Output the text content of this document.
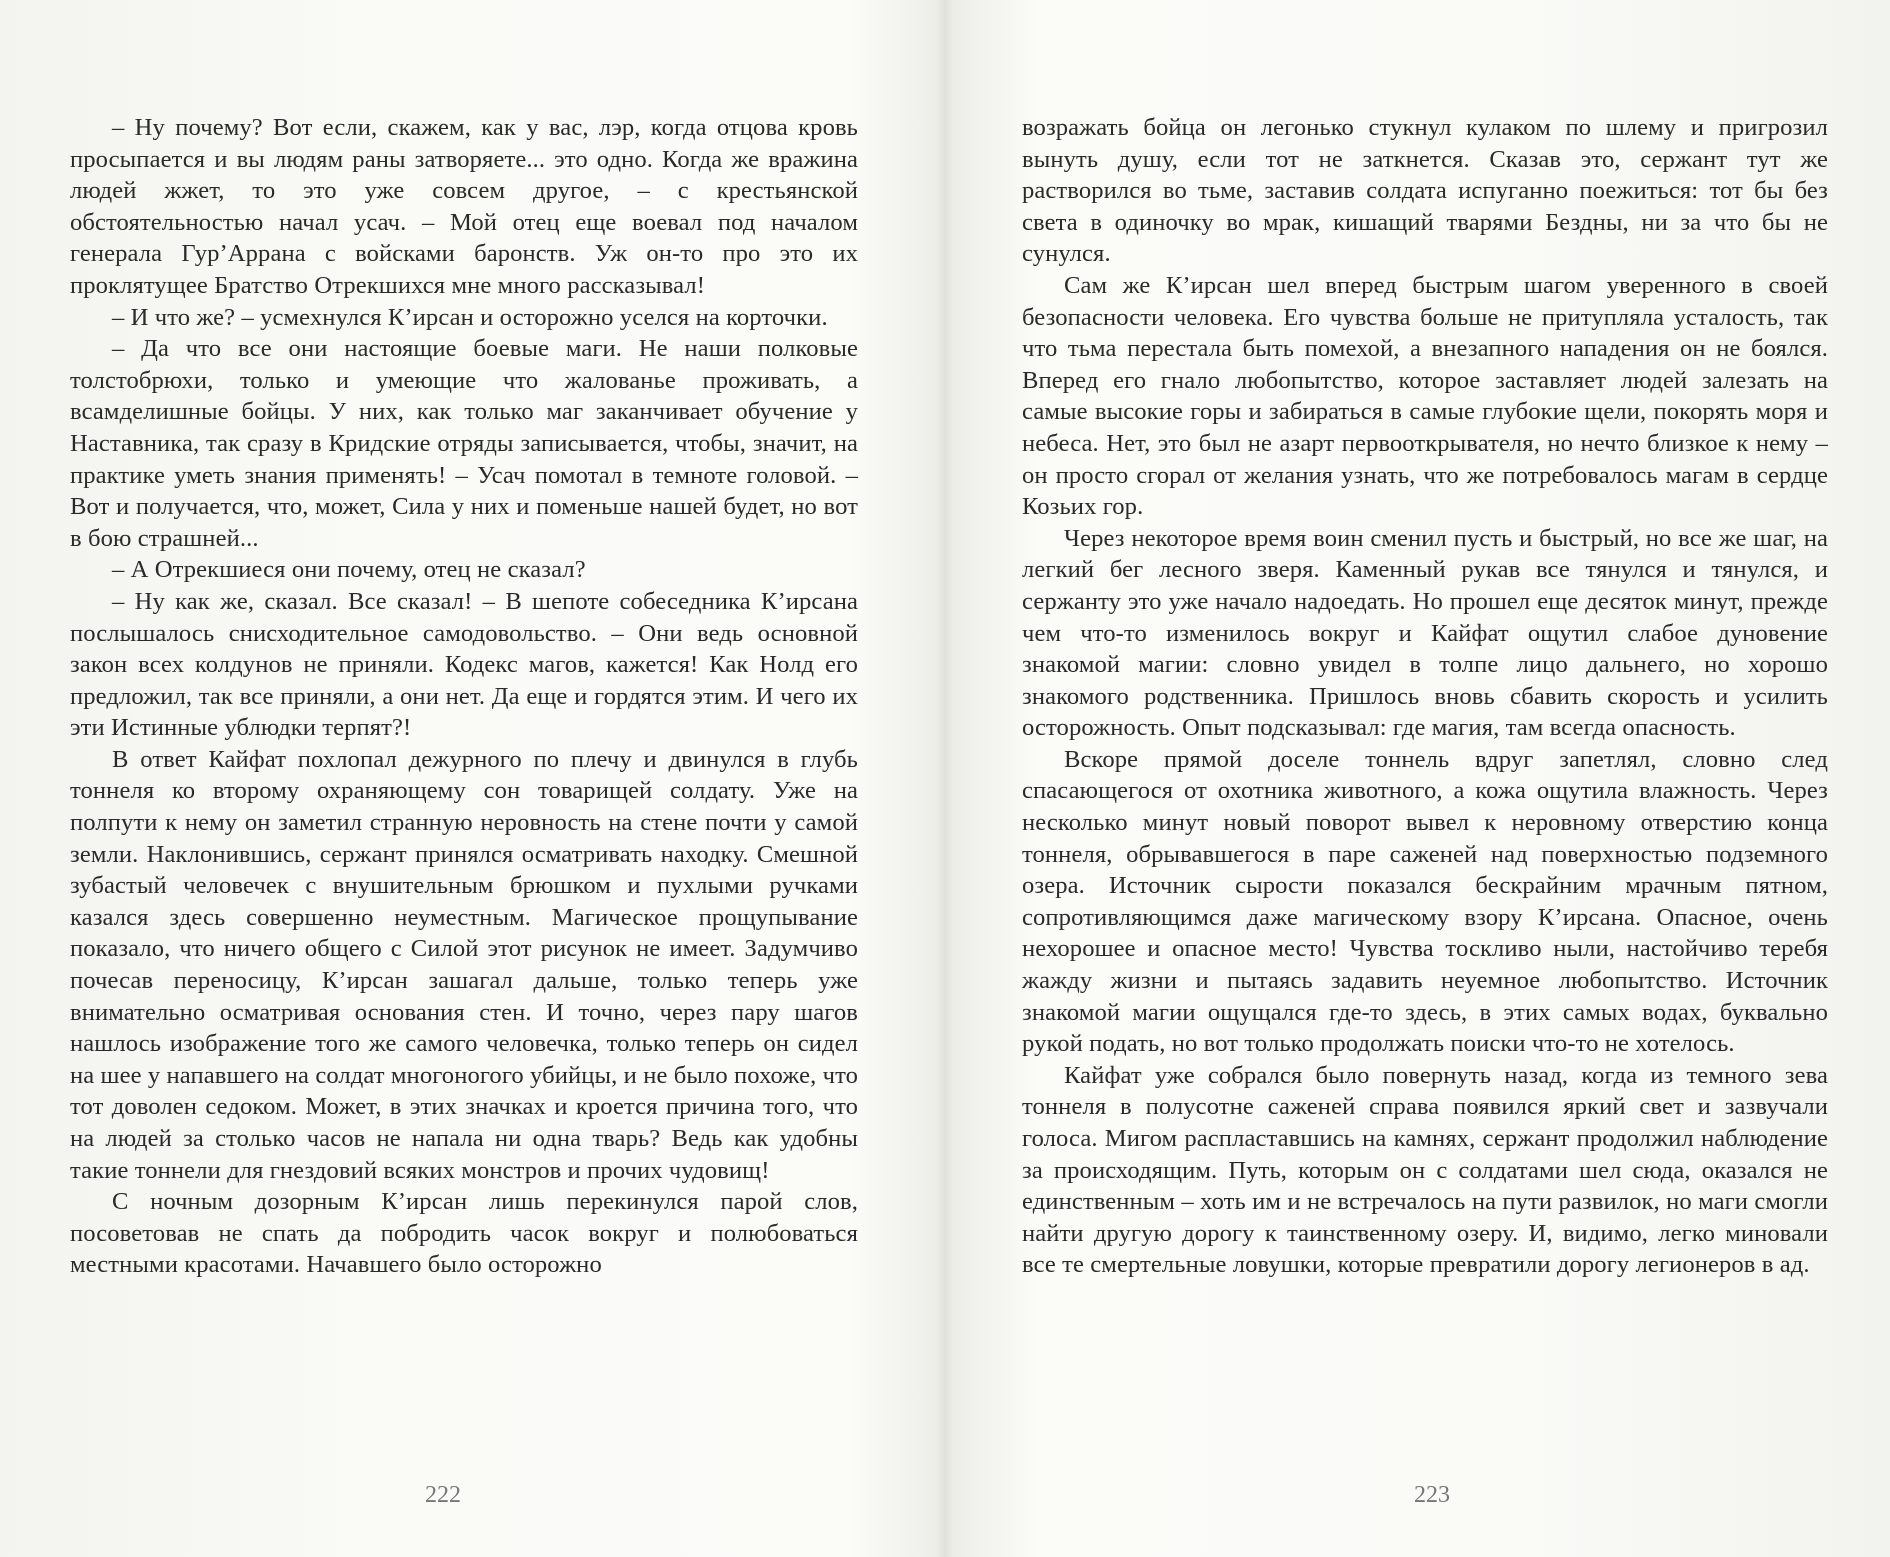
– Ну почему? Вот если, скажем, как у вас, лэр, когда отцова кровь просыпается и вы людям раны затворяете... это одно. Когда же вражина людей жжет, то это уже совсем другое, – с крестьянской обстоятельностью начал усач. – Мой отец еще воевал под началом генерала Гур’Аррана с войсками баронств. Уж он-то про это их проклятущее Братство Отрекшихся мне много рассказывал!

– И что же? – усмехнулся К’ирсан и осторожно уселся на корточки.

– Да что все они настоящие боевые маги. Не наши полковые толстобрюхи, только и умеющие что жалованье проживать, а всамделишные бойцы. У них, как только маг заканчивает обучение у Наставника, так сразу в Кридские отряды записывается, чтобы, значит, на практике уметь знания применять! – Усач помотал в темноте головой. – Вот и получается, что, может, Сила у них и поменьше нашей будет, но вот в бою страшней...

– А Отрекшиеся они почему, отец не сказал?

– Ну как же, сказал. Все сказал! – В шепоте собеседника К’ирсана послышалось снисходительное самодовольство. – Они ведь основной закон всех колдунов не приняли. Кодекс магов, кажется! Как Нолд его предложил, так все приняли, а они нет. Да еще и гордятся этим. И чего их эти Истинные ублюдки терпят?!

В ответ Кайфат похлопал дежурного по плечу и двинулся в глубь тоннеля ко второму охраняющему сон товарищей солдату. Уже на полпути к нему он заметил странную неровность на стене почти у самой земли. Наклонившись, сержант принялся осматривать находку. Смешной зубастый человечек с внушительным брюшком и пухлыми ручками казался здесь совершенно неуместным. Магическое прощупывание показало, что ничего общего с Силой этот рисунок не имеет. Задумчиво почесав переносицу, К’ирсан зашагал дальше, только теперь уже внимательно осматривая основания стен. И точно, через пару шагов нашлось изображение того же самого человечка, только теперь он сидел на шее у напавшего на солдат многоногого убийцы, и не было похоже, что тот доволен седоком. Может, в этих значках и кроется причина того, что на людей за столько часов не напала ни одна тварь? Ведь как удобны такие тоннели для гнездовий всяких монстров и прочих чудовищ!

С ночным дозорным К’ирсан лишь перекинулся парой слов, посоветовав не спать да побродить часок вокруг и полюбоваться местными красотами. Начавшего было осторожно

222

возражать бойца он легонько стукнул кулаком по шлему и пригрозил вынуть душу, если тот не заткнется. Сказав это, сержант тут же растворился во тьме, заставив солдата испуганно поежиться: тот бы без света в одиночку во мрак, кишащий тварями Бездны, ни за что бы не сунулся.

Сам же К’ирсан шел вперед быстрым шагом уверенного в своей безопасности человека. Его чувства больше не притупляла усталость, так что тьма перестала быть помехой, а внезапного нападения он не боялся. Вперед его гнало любопытство, которое заставляет людей залезать на самые высокие горы и забираться в самые глубокие щели, покорять моря и небеса. Нет, это был не азарт первооткрывателя, но нечто близкое к нему – он просто сгорал от желания узнать, что же потребовалось магам в сердце Козьих гор.

Через некоторое время воин сменил пусть и быстрый, но все же шаг, на легкий бег лесного зверя. Каменный рукав все тянулся и тянулся, и сержанту это уже начало надоедать. Но прошел еще десяток минут, прежде чем что-то изменилось вокруг и Кайфат ощутил слабое дуновение знакомой магии: словно увидел в толпе лицо дальнего, но хорошо знакомого родственника. Пришлось вновь сбавить скорость и усилить осторожность. Опыт подсказывал: где магия, там всегда опасность.

Вскоре прямой доселе тоннель вдруг запетлял, словно след спасающегося от охотника животного, а кожа ощутила влажность. Через несколько минут новый поворот вывел к неровному отверстию конца тоннеля, обрывавшегося в паре саженей над поверхностью подземного озера. Источник сырости показался бескрайним мрачным пятном, сопротивляющимся даже магическому взору К’ирсана. Опасное, очень нехорошее и опасное место! Чувства тоскливо ныли, настойчиво теребя жажду жизни и пытаясь задавить неуемное любопытство. Источник знакомой магии ощущался где-то здесь, в этих самых водах, буквально рукой подать, но вот только продолжать поиски что-то не хотелось.

Кайфат уже собрался было повернуть назад, когда из темного зева тоннеля в полусотне саженей справа появился яркий свет и зазвучали голоса. Мигом распластавшись на камнях, сержант продолжил наблюдение за происходящим. Путь, которым он с солдатами шел сюда, оказался не единственным – хоть им и не встречалось на пути развилок, но маги смогли найти другую дорогу к таинственному озеру. И, видимо, легко миновали все те смертельные ловушки, которые превратили дорогу легионеров в ад.

223
